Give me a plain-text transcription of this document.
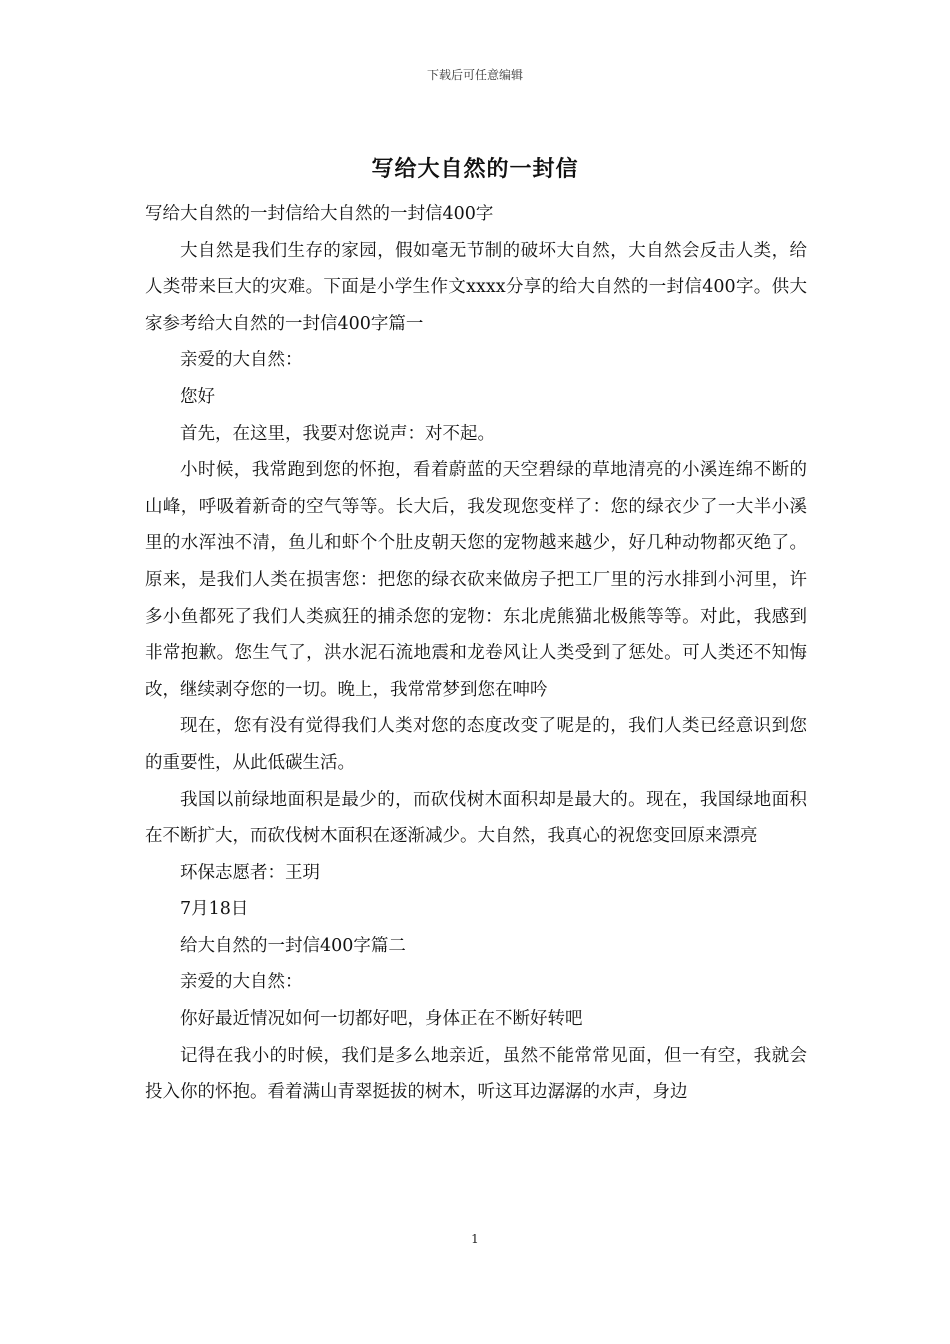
下载后可任意编辑
写给大自然的一封信

写给大自然的一封信给大自然的一封信400字

大自然是我们生存的家园，假如毫无节制的破坏大自然，大自然会反击人类，给人类带来巨大的灾难。下面是小学生作文xxxx分享的给大自然的一封信400字。供大家参考给大自然的一封信400字篇一

亲爱的大自然：

您好

首先，在这里，我要对您说声：对不起。

小时候，我常跑到您的怀抱，看着蔚蓝的天空碧绿的草地清亮的小溪连绵不断的山峰，呼吸着新奇的空气等等。长大后，我发现您变样了：您的绿衣少了一大半小溪里的水浑浊不清，鱼儿和虾个个肚皮朝天您的宠物越来越少，好几种动物都灭绝了。原来，是我们人类在损害您：把您的绿衣砍来做房子把工厂里的污水排到小河里，许多小鱼都死了我们人类疯狂的捕杀您的宠物：东北虎熊猫北极熊等等。对此，我感到非常抱歉。您生气了，洪水泥石流地震和龙卷风让人类受到了惩处。可人类还不知悔改，继续剥夺您的一切。晚上，我常常梦到您在呻吟

现在，您有没有觉得我们人类对您的态度改变了呢是的，我们人类已经意识到您的重要性，从此低碳生活。

我国以前绿地面积是最少的，而砍伐树木面积却是最大的。现在，我国绿地面积在不断扩大，而砍伐树木面积在逐渐减少。大自然，我真心的祝您变回原来漂亮

环保志愿者：王玥

7月18日

给大自然的一封信400字篇二

亲爱的大自然：

你好最近情况如何一切都好吧，身体正在不断好转吧

记得在我小的时候，我们是多么地亲近，虽然不能常常见面，但一有空，我就会投入你的怀抱。看着满山青翠挺拔的树木，听这耳边潺潺的水声，身边

1
